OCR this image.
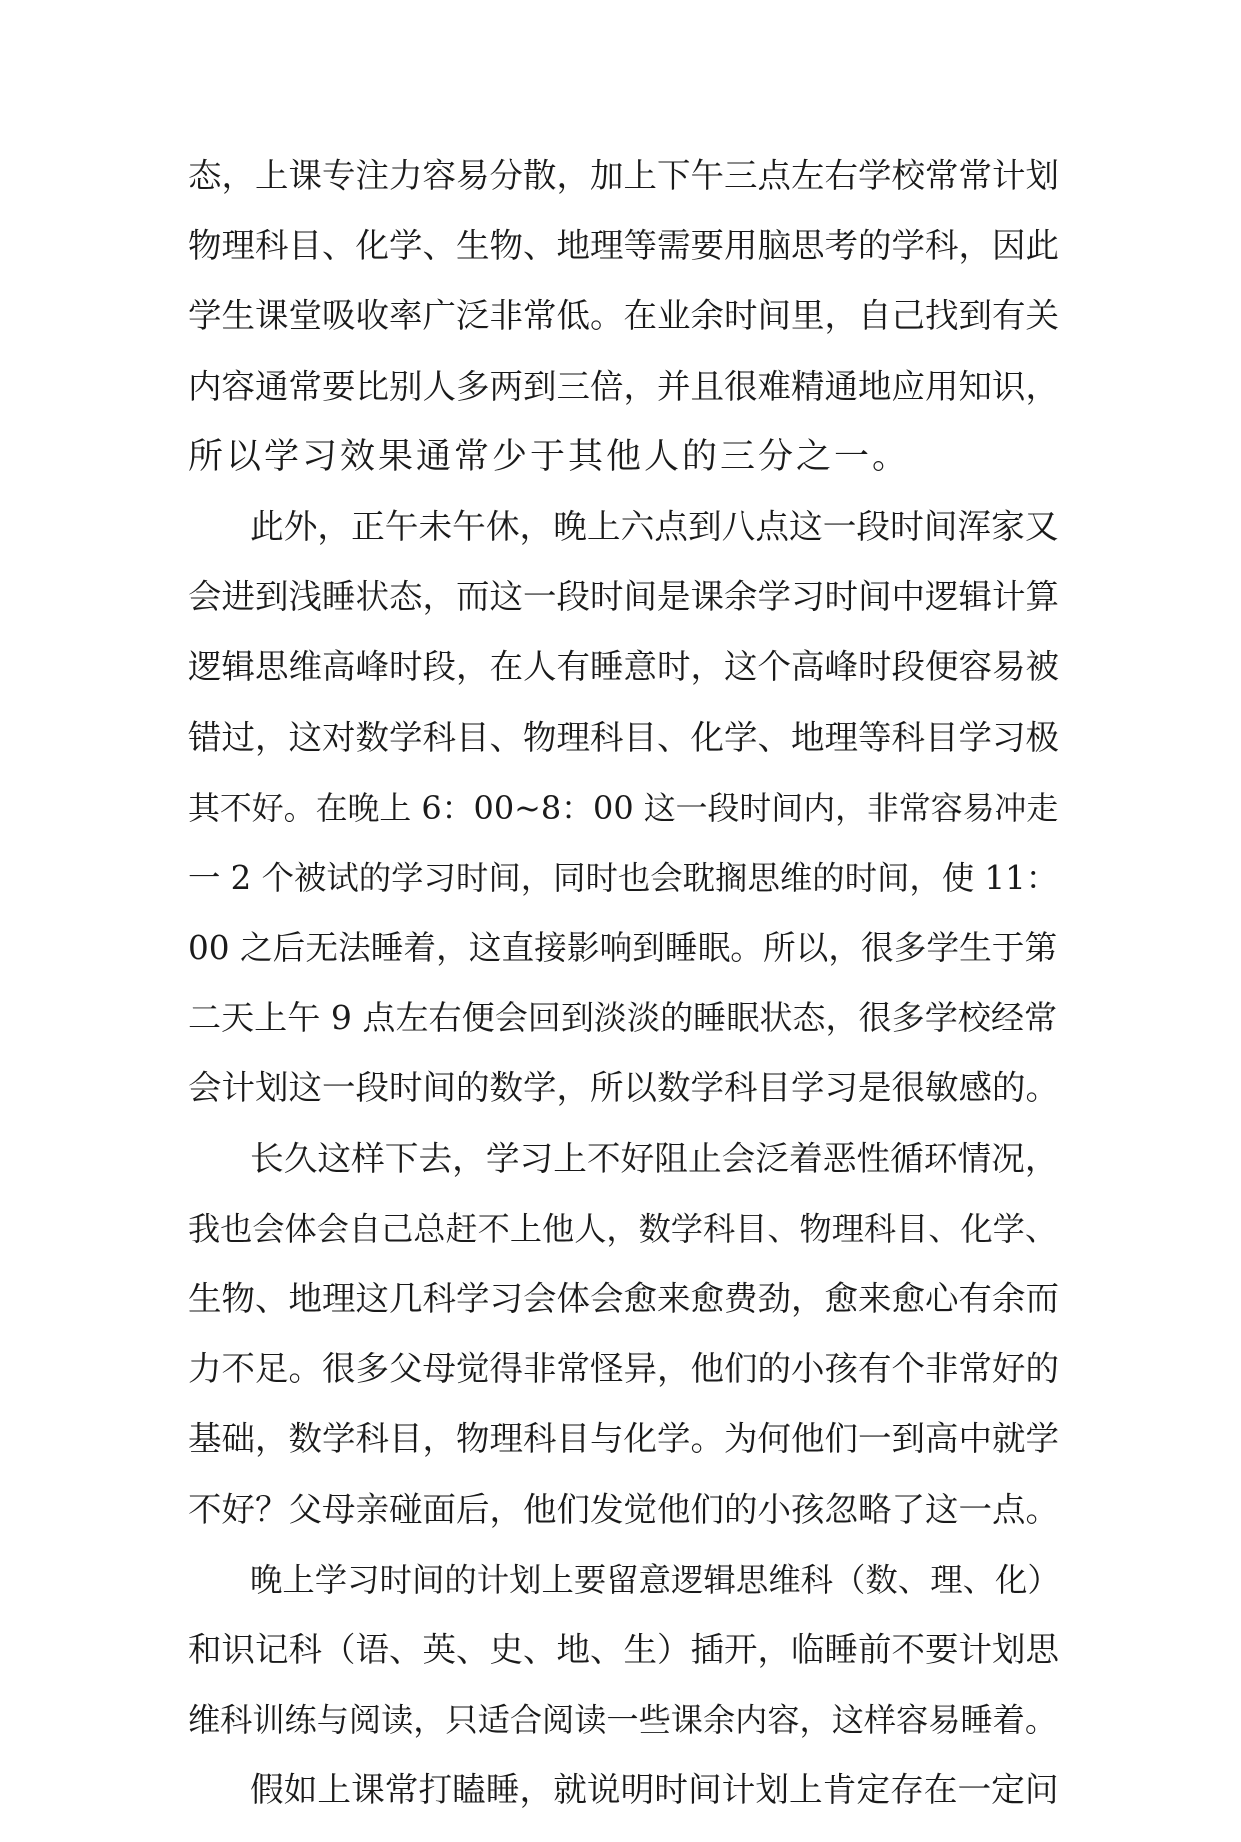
态，上课专注力容易分散，加上下午三点左右学校常常计划
物理科目、化学、生物、地理等需要用脑思考的学科，因此
学生课堂吸收率广泛非常低。在业余时间里，自己找到有关
内容通常要比别人多两到三倍，并且很难精通地应用知识，
所以学习效果通常少于其他人的三分之一。
此外，正午未午休，晚上六点到八点这一段时间浑家又
会进到浅睡状态，而这一段时间是课余学习时间中逻辑计算
逻辑思维高峰时段，在人有睡意时，这个高峰时段便容易被
错过，这对数学科目、物理科目、化学、地理等科目学习极
其不好。在晚上 6：00~8：00 这一段时间内，非常容易冲走
一 2 个被试的学习时间，同时也会耽搁思维的时间，使 11：
00 之后无法睡着，这直接影响到睡眠。所以，很多学生于第
二天上午 9 点左右便会回到淡淡的睡眠状态，很多学校经常
会计划这一段时间的数学，所以数学科目学习是很敏感的。
长久这样下去，学习上不好阻止会泛着恶性循环情况，
我也会体会自己总赶不上他人，数学科目、物理科目、化学、
生物、地理这几科学习会体会愈来愈费劲，愈来愈心有余而
力不足。很多父母觉得非常怪异，他们的小孩有个非常好的
基础，数学科目，物理科目与化学。为何他们一到高中就学
不好？父母亲碰面后，他们发觉他们的小孩忽略了这一点。
晚上学习时间的计划上要留意逻辑思维科（数、理、化）
和识记科（语、英、史、地、生）插开，临睡前不要计划思
维科训练与阅读，只适合阅读一些课余内容，这样容易睡着。
假如上课常打瞌睡，就说明时间计划上肯定存在一定问
